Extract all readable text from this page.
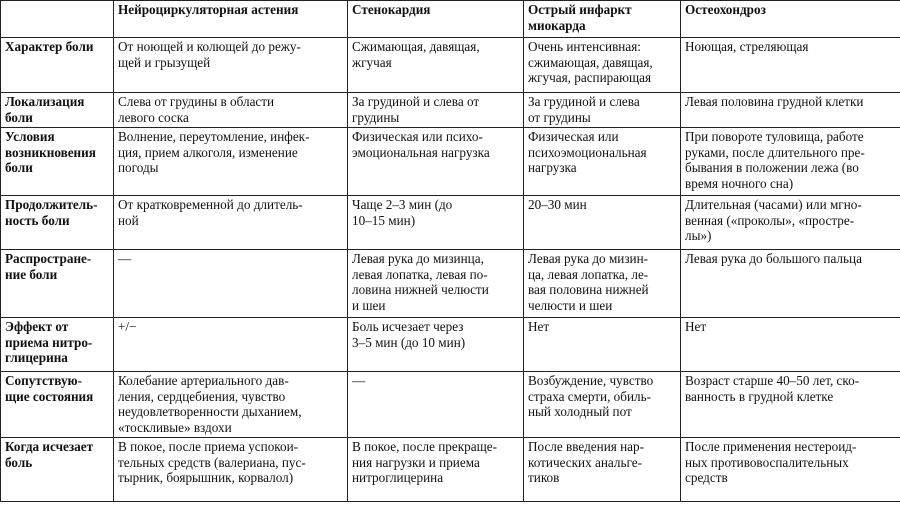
	Нейроциркуляторная астения	Стенокардия	Острый инфаркт
миокарда	Остеохондроз
Характер боли	От ноющей и колющей до режу-
щей и грызущей	Сжимающая, давящая,
жгучая	Очень интенсивная:
сжимающая, давящая,
жгучая, распирающая	Ноющая, стреляющая
Локализация
боли	Слева от грудины в области
левого соска	За грудиной и слева от
грудины	За грудиной и слева
от грудины	Левая половина грудной клетки
Условия
возникновения
боли	Волнение, переутомление, инфек-
ция, прием алкоголя, изменение
погоды	Физическая или психо-
эмоциональная нагрузка	Физическая или
психоэмоциональная
нагрузка	При повороте туловища, работе
руками, после длительного пре-
бывания в положении лежа (во
время ночного сна)
Продолжитель-
ность боли	От кратковременной до длитель-
ной	Чаще 2–3 мин (до
10–15 мин)	20–30 мин	Длительная (часами) или мгно-
венная («проколы», «простре-
лы»)
Распростране-
ние боли	—	Левая рука до мизинца,
левая лопатка, левая по-
ловина нижней челюсти
и шеи	Левая рука до мизин-
ца, левая лопатка, ле-
вая половина нижней
челюсти и шеи	Левая рука до большого пальца
Эффект от
приема нитро-
глицерина	+/−	Боль исчезает через
3–5 мин (до 10 мин)	Нет	Нет
Сопутствую-
щие состояния	Колебание артериального дав-
ления, сердцебиения, чувство
неудовлетворенности дыханием,
«тоскливые» вздохи	—	Возбуждение, чувство
страха смерти, обиль-
ный холодный пот	Возраст старше 40–50 лет, ско-
ванность в грудной клетке
Когда исчезает
боль	В покое, после приема успокои-
тельных средств (валериана, пус-
тырник, боярышник, корвалол)	В покое, после прекраще-
ния нагрузки и приема
нитроглицерина	После введения нар-
котических анальге-
тиков	После применения нестероид-
ных противовоспалительных
средств
